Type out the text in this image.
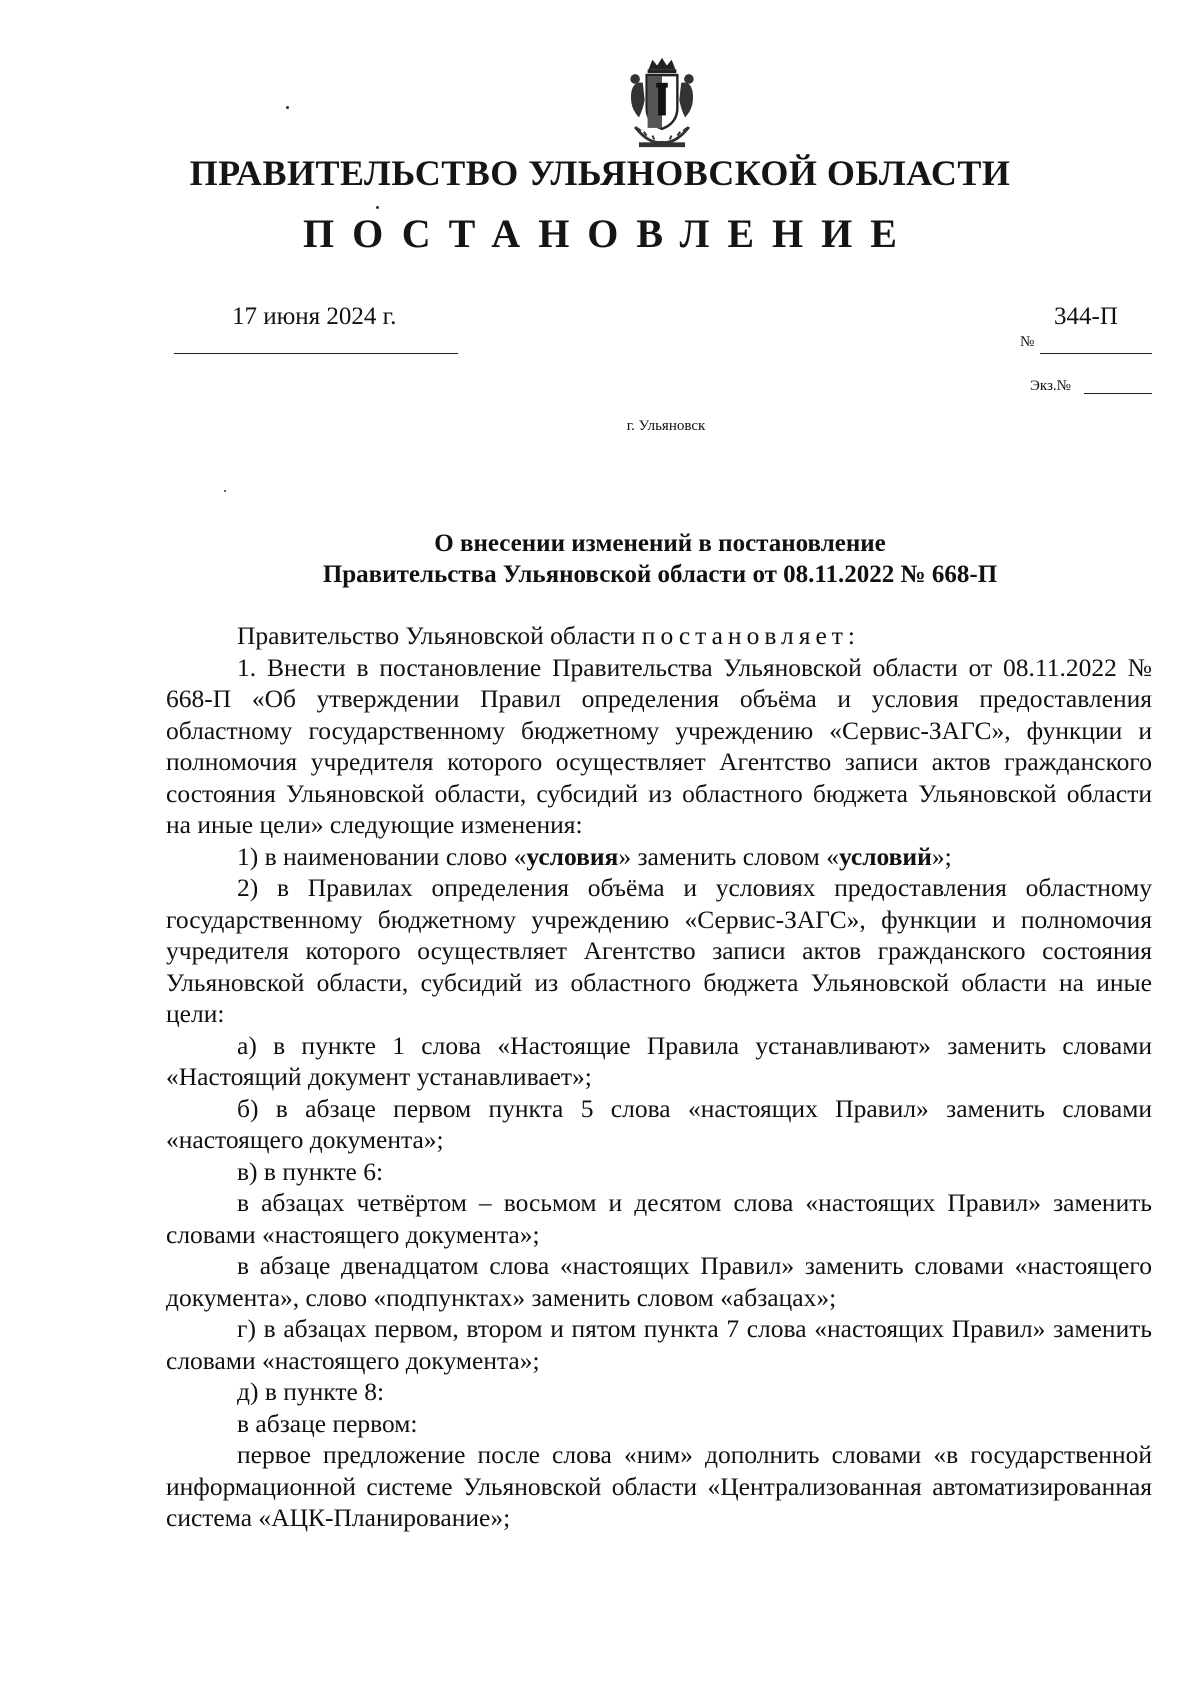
ПРАВИТЕЛЬСТВО УЛЬЯНОВСКОЙ ОБЛАСТИ
ПОСТАНОВЛЕНИЕ
17 июня 2024 г.	344-П
№
Экз.№
г. Ульяновск
О внесении изменений в постановление
Правительства Ульяновской области от 08.11.2022 № 668-П

Правительство Ульяновской области постановляет:

1. Внести в постановление Правительства Ульяновской области от 08.11.2022 № 668-П «Об утверждении Правил определения объёма и условия предоставления областному государственному бюджетному учреждению «Сервис-ЗАГС», функции и полномочия учредителя которого осуществляет Агентство записи актов гражданского состояния Ульяновской области, субсидий из областного бюджета Ульяновской области на иные цели» следующие изменения:

1) в наименовании слово «условия» заменить словом «условий»;

2) в Правилах определения объёма и условиях предоставления областному государственному бюджетному учреждению «Сервис-ЗАГС», функции и полномочия учредителя которого осуществляет Агентство записи актов гражданского состояния Ульяновской области, субсидий из областного бюджета Ульяновской области на иные цели:

а) в пункте 1 слова «Настоящие Правила устанавливают» заменить словами «Настоящий документ устанавливает»;

б) в абзаце первом пункта 5 слова «настоящих Правил» заменить словами «настоящего документа»;

в) в пункте 6:

в абзацах четвёртом – восьмом и десятом слова «настоящих Правил» заменить словами «настоящего документа»;

в абзаце двенадцатом слова «настоящих Правил» заменить словами «настоящего документа», слово «подпунктах» заменить словом «абзацах»;

г) в абзацах первом, втором и пятом пункта 7 слова «настоящих Правил» заменить словами «настоящего документа»;

д) в пункте 8:

в абзаце первом:

первое предложение после слова «ним» дополнить словами «в государственной информационной системе Ульяновской области «Централизованная автоматизированная система «АЦК-Планирование»;
